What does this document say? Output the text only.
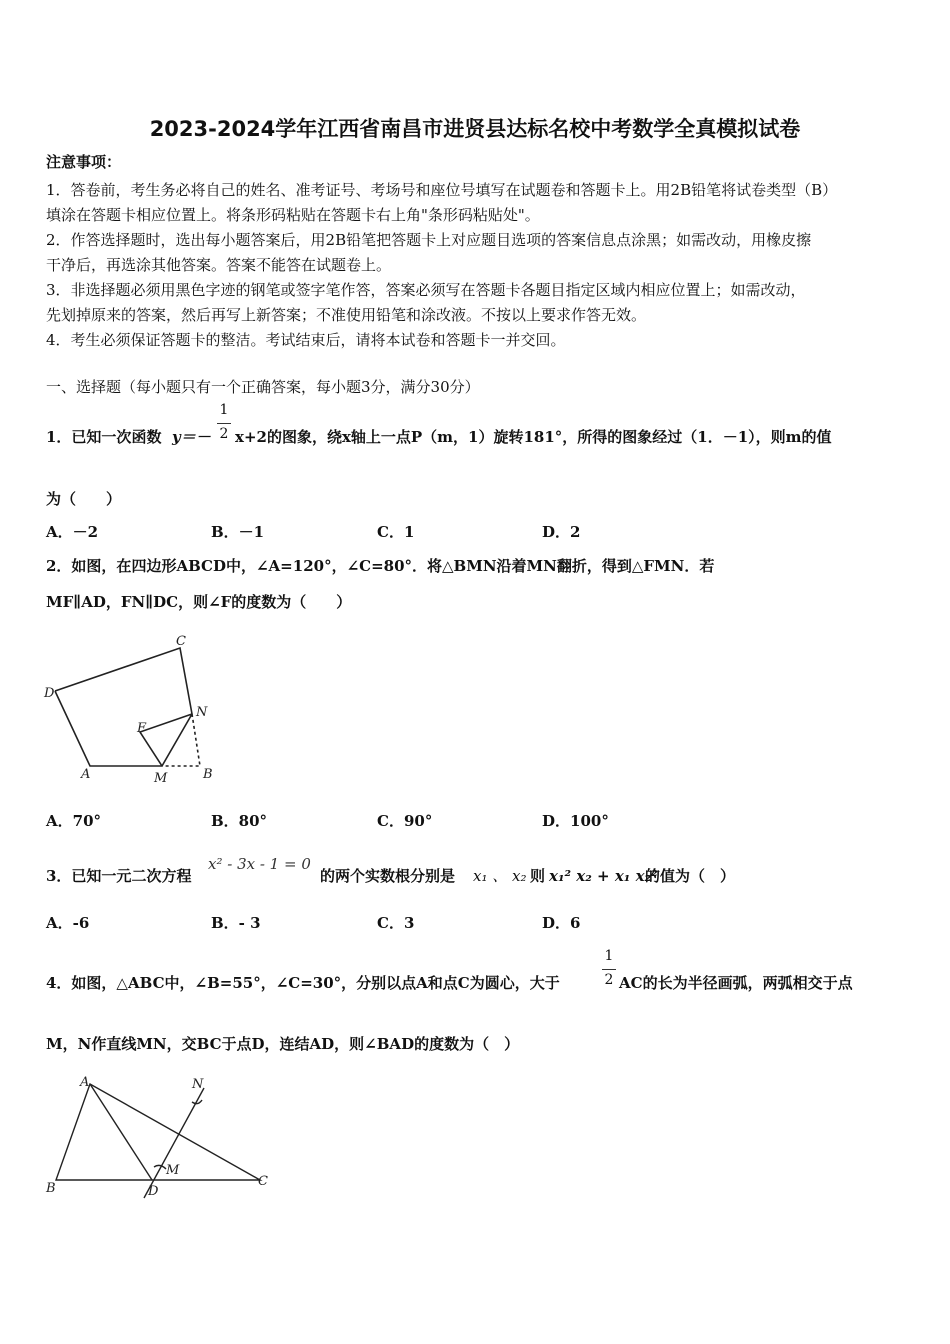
2023-2024学年江西省南昌市进贤县达标名校中考数学全真模拟试卷
注意事项：
1．答卷前，考生务必将自己的姓名、准考证号、考场号和座位号填写在试题卷和答题卡上。用2B铅笔将试卷类型（B）
填涂在答题卡相应位置上。将条形码粘贴在答题卡右上角"条形码粘贴处"。
2．作答选择题时，选出每小题答案后，用2B铅笔把答题卡上对应题目选项的答案信息点涂黑；如需改动，用橡皮擦
干净后，再选涂其他答案。答案不能答在试题卷上。
3．非选择题必须用黑色字迹的钢笔或签字笔作答，答案必须写在答题卡各题目指定区域内相应位置上；如需改动，
先划掉原来的答案，然后再写上新答案；不准使用铅笔和涂改液。不按以上要求作答无效。
4．考生必须保证答题卡的整洁。考试结束后，请将本试卷和答题卡一并交回。
一、选择题（每小题只有一个正确答案，每小题3分，满分30分）
1．已知一次函数 y＝－
1
2 x+2的图象，绕x轴上一点P（m，1）旋转181°，所得的图象经过（1．－1），则m的值
为（　　）
A．－2	B．－1	C．1	D．2
2．如图，在四边形ABCD中，∠A=120°，∠C=80°．将△BMN沿着MN翻折，得到△FMN．若
MF∥AD，FN∥DC，则∠F的度数为（　　）
C
D
N
F
A	M	B
A．70°	B．80°	C．90°	D．100°
3．已知一元二次方程
x² - 3x - 1 = 0
的两个实数根分别是 x₁ 、 x₂ 则 x₁² x₂ + x₁ x₂²
的值为（　）
A．-6	B．- 3	C．3	D．6
4．如图，△ABC中，∠B=55°，∠C=30°，分别以点A和点C为圆心，大于
1
2 AC的长为半径画弧，两弧相交于点
M，N作直线MN，交BC于点D，连结AD，则∠BAD的度数为（　）
A	N
M
B	D
C
